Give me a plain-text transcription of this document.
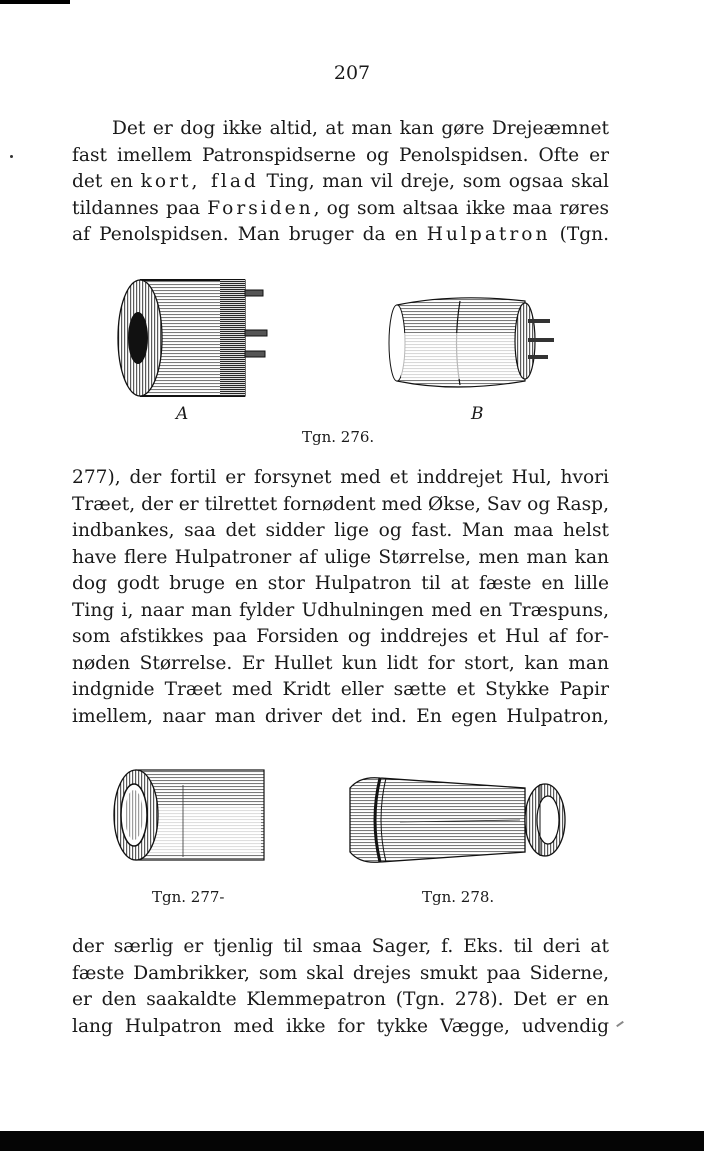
207
Det er dog ikke altid, at man kan gøre Drejeæmnet
fast imellem Patronspidserne og Penolspidsen. Ofte er
det en kort, flad Ting, man vil dreje, som ogsaa skal
tildannes paa Forsiden, og som altsaa ikke maa røres
af Penolspidsen. Man bruger da en Hulpatron (Tgn.
A	B
Tgn. 276.
277), der fortil er forsynet med et inddrejet Hul, hvori
Træet, der er tilrettet fornødent med Økse, Sav og Rasp,
indbankes, saa det sidder lige og fast. Man maa helst
have flere Hulpatroner af ulige Størrelse, men man kan
dog godt bruge en stor Hulpatron til at fæste en lille
Ting i, naar man fylder Udhulningen med en Træspuns,
som afstikkes paa Forsiden og inddrejes et Hul af for-
nøden Størrelse. Er Hullet kun lidt for stort, kan man
indgnide Træet med Kridt eller sætte et Stykke Papir
imellem, naar man driver det ind. En egen Hulpatron,
Tgn. 277-	Tgn. 278.
der særlig er tjenlig til smaa Sager, f. Eks. til deri at
fæste Dambrikker, som skal drejes smukt paa Siderne,
er den saakaldte Klemmepatron (Tgn. 278). Det er en
lang Hulpatron med ikke for tykke Vægge, udvendig
